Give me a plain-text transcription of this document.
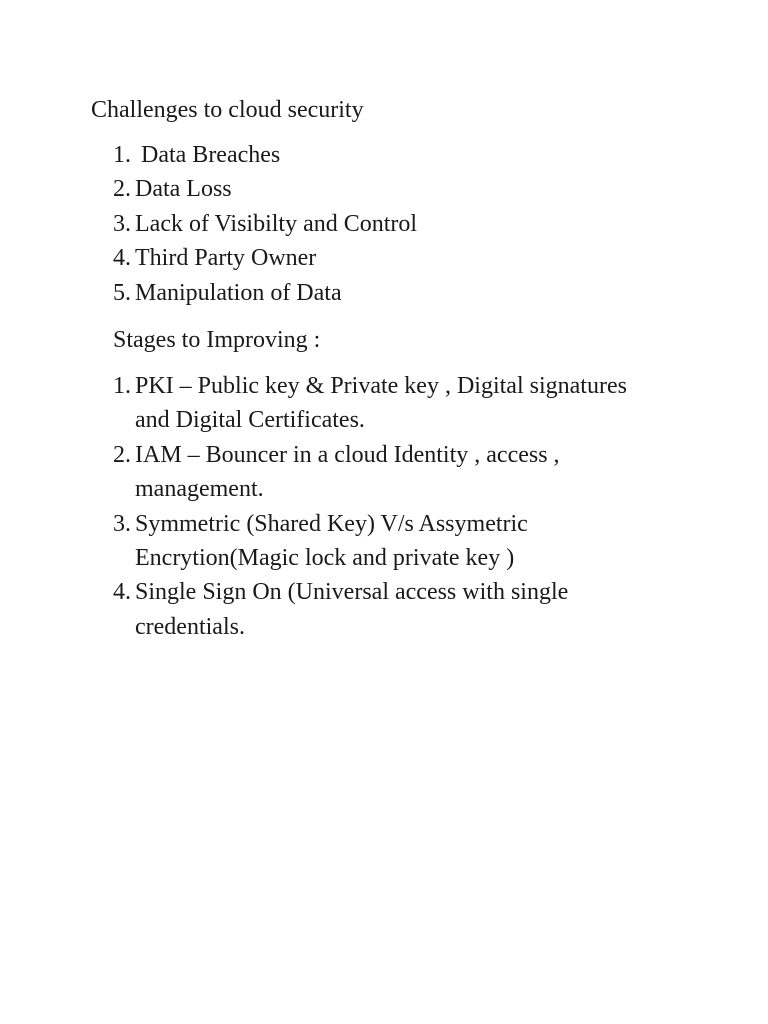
Challenges to cloud security
1. Data Breaches
2. Data Loss
3. Lack of Visibilty and Control
4. Third Party Owner
5. Manipulation of Data
Stages to Improving :
1. PKI – Public key & Private key , Digital signatures and Digital Certificates.
2. IAM – Bouncer in a cloud Identity , access , management.
3. Symmetric (Shared Key) V/s Assymetric Encrytion(Magic lock and private key )
4. Single Sign On (Universal access with single credentials.
